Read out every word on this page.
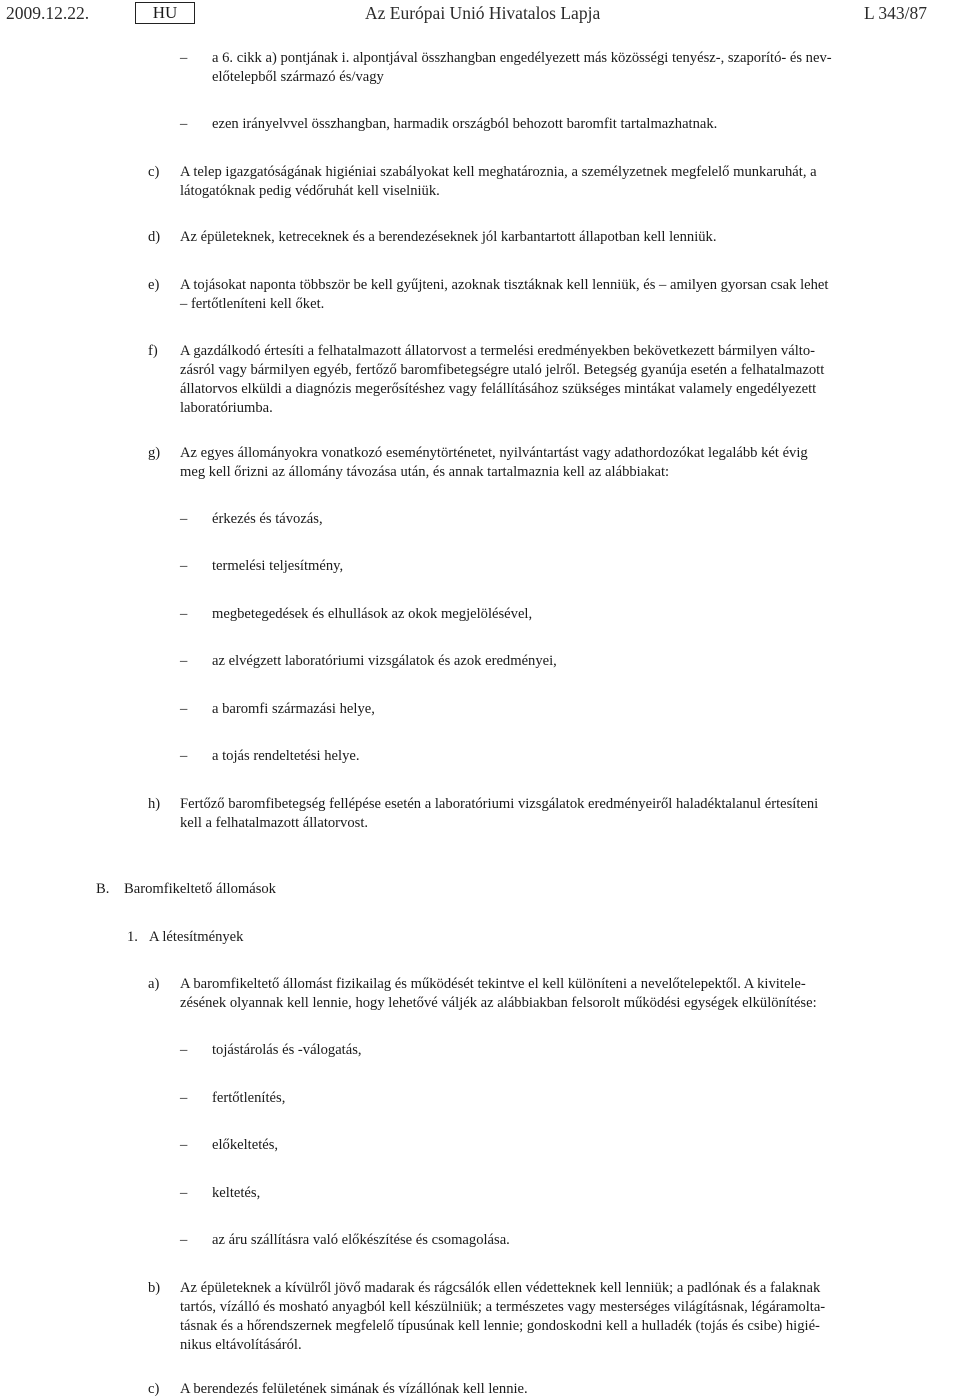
2009.12.22.	HU	Az Európai Unió Hivatalos Lapja	L 343/87
– a 6. cikk a) pontjának i. alpontjával összhangban engedélyezett más közösségi tenyész-, szaporító- és nev-
előtelepből származó és/vagy
– ezen irányelvvel összhangban, harmadik országból behozott baromfit tartalmazhatnak.
c) A telep igazgatóságának higiéniai szabályokat kell meghatároznia, a személyzetnek megfelelő munkaruhát, a
látogatóknak pedig védőruhát kell viselniük.
d) Az épületeknek, ketreceknek és a berendezéseknek jól karbantartott állapotban kell lenniük.
e) A tojásokat naponta többször be kell gyűjteni, azoknak tisztáknak kell lenniük, és – amilyen gyorsan csak lehet
– fertőtleníteni kell őket.
f) A gazdálkodó értesíti a felhatalmazott állatorvost a termelési eredményekben bekövetkezett bármilyen válto-
zásról vagy bármilyen egyéb, fertőző baromfibetegségre utaló jelről. Betegség gyanúja esetén a felhatalmazott
állatorvos elküldi a diagnózis megerősítéshez vagy felállításához szükséges mintákat valamely engedélyezett
laboratóriumba.
g) Az egyes állományokra vonatkozó eseménytörténetet, nyilvántartást vagy adathordozókat legalább két évig
meg kell őrizni az állomány távozása után, és annak tartalmaznia kell az alábbiakat:
– érkezés és távozás,
– termelési teljesítmény,
– megbetegedések és elhullások az okok megjelölésével,
– az elvégzett laboratóriumi vizsgálatok és azok eredményei,
– a baromfi származási helye,
– a tojás rendeltetési helye.
h) Fertőző baromfibetegség fellépése esetén a laboratóriumi vizsgálatok eredményeiről haladéktalanul értesíteni
kell a felhatalmazott állatorvost.
B. Baromfikeltető állomások
1. A létesítmények
a) A baromfikeltető állomást fizikailag és működését tekintve el kell különíteni a nevelőtelepektől. A kivitele-
zésének olyannak kell lennie, hogy lehetővé váljék az alábbiakban felsorolt működési egységek elkülönítése:
– tojástárolás és -válogatás,
– fertőtlenítés,
– előkeltetés,
– keltetés,
– az áru szállításra való előkészítése és csomagolása.
b) Az épületeknek a kívülről jövő madarak és rágcsálók ellen védetteknek kell lenniük; a padlónak és a falaknak
tartós, vízálló és mosható anyagból kell készülniük; a természetes vagy mesterséges világításnak, légáramolta-
tásnak és a hőrendszernek megfelelő típusúnak kell lennie; gondoskodni kell a hulladék (tojás és csibe) higié-
nikus eltávolításáról.
c) A berendezés felületének simának és vízállónak kell lennie.
